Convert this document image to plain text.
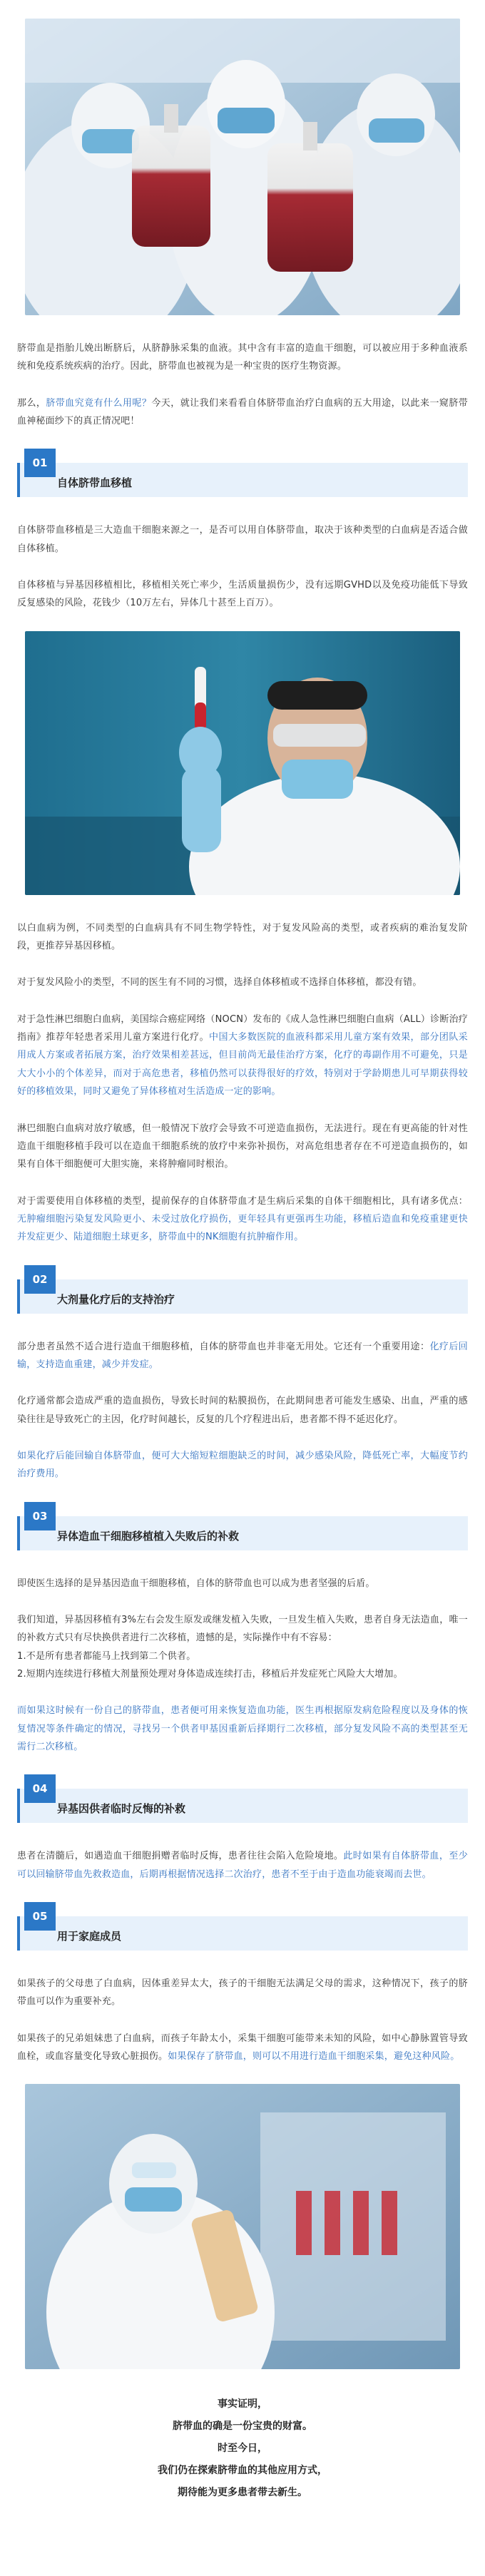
脐带血是指胎儿娩出断脐后，从脐静脉采集的血液。其中含有丰富的造血干细胞，可以被应用于多种血液系统和免疫系统疾病的治疗。因此，脐带血也被视为是一种宝贵的医疗生物资源。

那么，脐带血究竟有什么用呢？今天，就让我们来看看自体脐带血治疗白血病的五大用途，以此来一窥脐带血神秘面纱下的真正情况吧！

自体脐带血移植
01

自体脐带血移植是三大造血干细胞来源之一，是否可以用自体脐带血，取决于该种类型的白血病是否适合做自体移植。

自体移植与异基因移植相比，移植相关死亡率少，生活质量损伤少，没有远期GVHD以及免疫功能低下导致反复感染的风险，花钱少（10万左右，异体几十甚至上百万）。

以白血病为例，不同类型的白血病具有不同生物学特性，对于复发风险高的类型，或者疾病的难治复发阶段，更推荐异基因移植。

对于复发风险小的类型，不同的医生有不同的习惯，选择自体移植或不选择自体移植，都没有错。

对于急性淋巴细胞白血病，美国综合癌症网络（NOCN）发布的《成人急性淋巴细胞白血病（ALL）诊断治疗指南》推荐年轻患者采用儿童方案进行化疗。中国大多数医院的血液科都采用儿童方案有效果，部分团队采用成人方案或者拓展方案，治疗效果相差甚远，但目前尚无最佳治疗方案，化疗的毒副作用不可避免，只是大大小小的个体差异，而对于高危患者，移植仍然可以获得很好的疗效，特别对于学龄期患儿可早期获得较好的移植效果，同时又避免了异体移植对生活造成一定的影响。

淋巴细胞白血病对放疗敏感，但一般情况下放疗会导致不可逆造血损伤，无法进行。现在有更高能的针对性造血干细胞移植手段可以在造血干细胞系统的放疗中来弥补损伤，对高危组患者存在不可逆造血损伤的，如果有自体干细胞便可大胆实施，来将肿瘤同时根治。

对于需要使用自体移植的类型，提前保存的自体脐带血才是生病后采集的自体干细胞相比，具有诸多优点：无肿瘤细胞污染复发风险更小、未受过放化疗损伤，更年轻具有更强再生功能，移植后造血和免疫重建更快并发症更少、陆道细胞土球更多，脐带血中的NK细胞有抗肿瘤作用。

大剂量化疗后的支持治疗
02

部分患者虽然不适合进行造血干细胞移植，自体的脐带血也并非毫无用处。它还有一个重要用途：化疗后回输，支持造血重建，减少并发症。

化疗通常都会造成严重的造血损伤，导致长时间的粘膜损伤，在此期间患者可能发生感染、出血，严重的感染往往是导致死亡的主因，化疗时间越长，反复的几个疗程进出后，患者都不得不延迟化疗。

如果化疗后能回输自体脐带血，便可大大缩短粒细胞缺乏的时间，减少感染风险，降低死亡率，大幅度节约治疗费用。

异体造血干细胞移植植入失败后的补救
03

即使医生选择的是异基因造血干细胞移植，自体的脐带血也可以成为患者坚强的后盾。

我们知道，异基因移植有3%左右会发生原发或继发植入失败，一旦发生植入失败，患者自身无法造血，唯一的补救方式只有尽快换供者进行二次移植，遗憾的是，实际操作中有不容易：
1.不是所有患者都能马上找到第二个供者。
2.短期内连续进行移植大剂量预处理对身体造成连续打击，移植后并发症死亡风险大大增加。

而如果这时候有一份自己的脐带血，患者便可用来恢复造血功能，医生再根据原发病危险程度以及身体的恢复情况等条件确定的情况，寻找另一个供者甲基因重新后择期行二次移植，部分复发风险不高的类型甚至无需行二次移植。

异基因供者临时反悔的补救
04

患者在清髓后，如遇造血干细胞捐赠者临时反悔，患者往往会陷入危险境地。此时如果有自体脐带血，至少可以回输脐带血先救救造血，后期再根据情况选择二次治疗，患者不至于由于造血功能衰竭而去世。

用于家庭成员
05

如果孩子的父母患了白血病，因体重差异太大，孩子的干细胞无法满足父母的需求，这种情况下，孩子的脐带血可以作为重要补充。

如果孩子的兄弟姐妹患了白血病，而孩子年龄太小，采集干细胞可能带来未知的风险，如中心静脉置管导致血栓，或血容量变化导致心脏损伤。如果保存了脐带血，则可以不用进行造血干细胞采集，避免这种风险。

事实证明，
脐带血的确是一份宝贵的财富。
时至今日，
我们仍在探索脐带血的其他应用方式，
期待能为更多患者带去新生。
